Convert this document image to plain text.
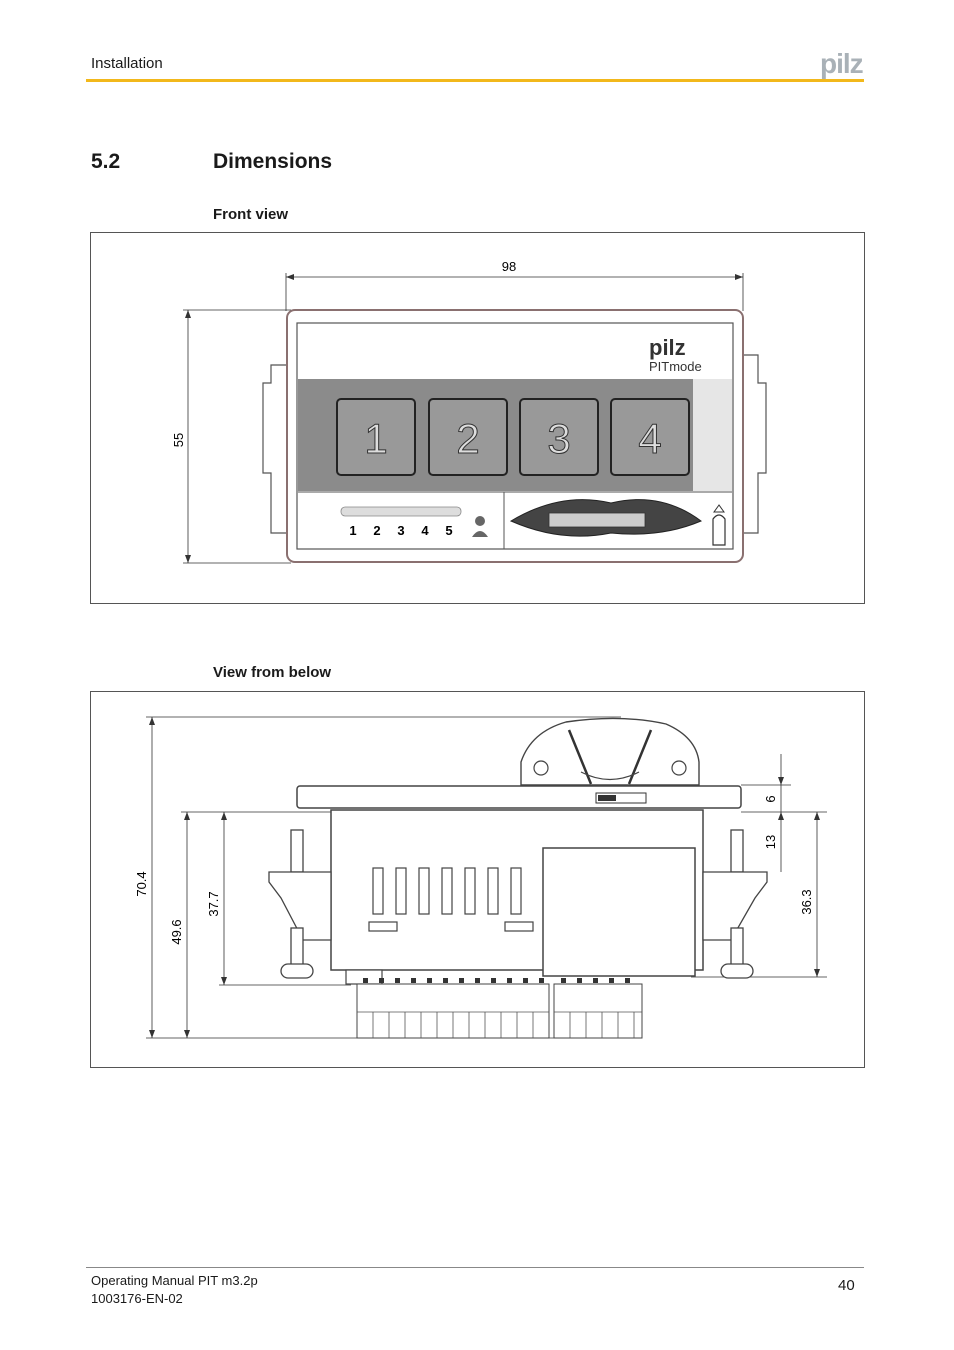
Installation	pilz
5.2	Dimensions
Front view
98
55
pilz
PITmode
1 2 3 4
1 2 3 4 5
View from below
70.4
49.6
37.7
6
13
36.3
Operating Manual PIT m3.2p
1003176-EN-02
40
